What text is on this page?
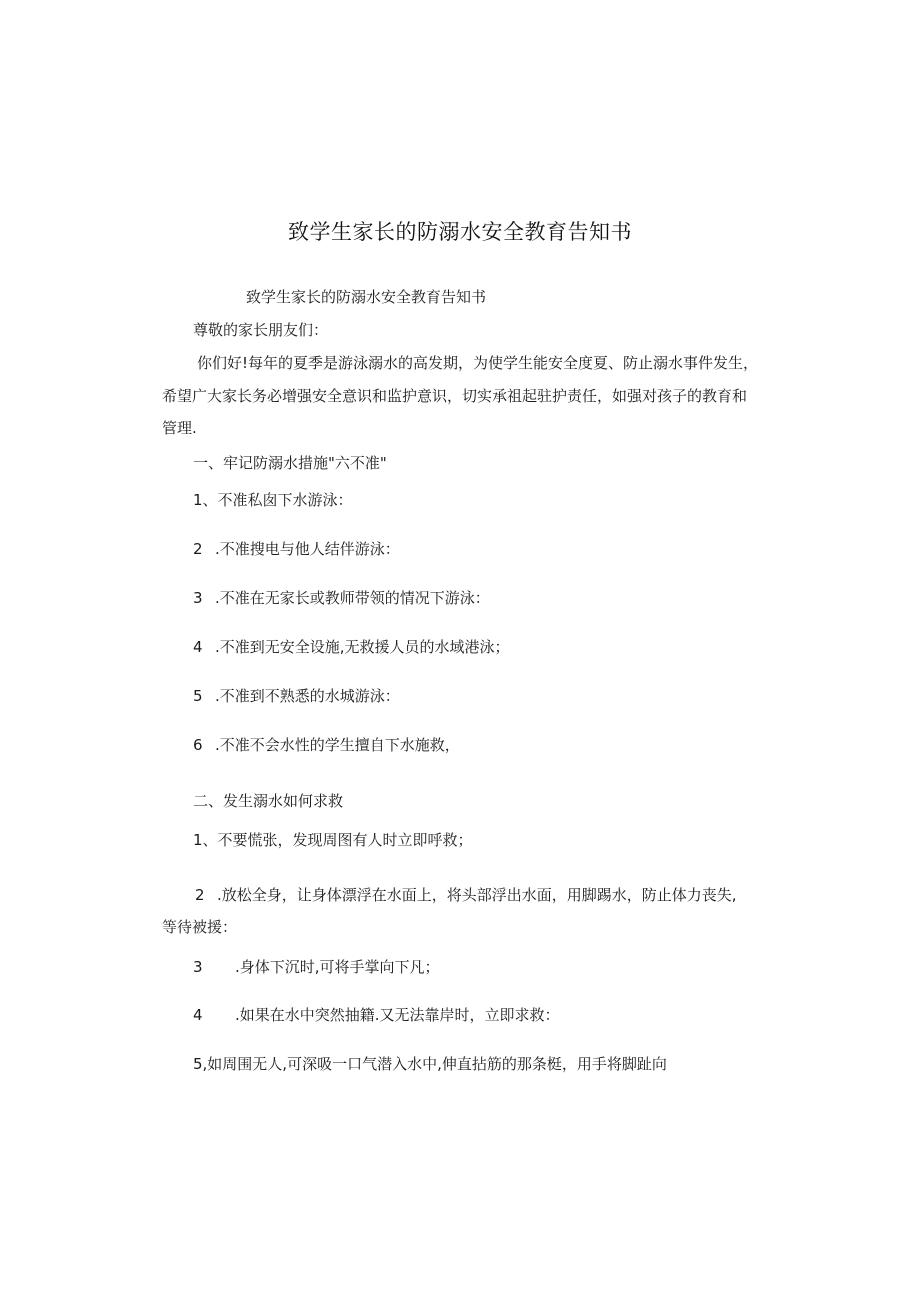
致学生家长的防溺水安全教育告知书
致学生家长的防溺水安全教育告知书
尊敬的家长朋友们：
你们好!每年的夏季是游泳溺水的高发期，为使学生能安全度夏、防止溺水事件发生，
希望广大家长务必增强安全意识和监护意识，切实承祖起驻护责任，如强对孩子的教育和
管理.
一、牢记防溺水措施"六不准"
1、不准私囱下水游泳：
2 .不准搜电与他人结伴游泳：
3 .不准在无家长或教师带领的情况下游泳：
4 .不准到无安全设施,无救援人员的水域港泳；
5 .不准到不熟悉的水城游泳：
6 .不准不会水性的学生擅自下水施救，
二、发生溺水如何求救
1、不要慌张，发现周图有人时立即呼救；
2 .放松全身，让身体漂浮在水面上，将头部浮出水面，用脚踢水，防止体力丧失,
等待被援：
3 .身体下沉时,可将手掌向下凡；
4 .如果在水中突然抽籍.又无法靠岸时，立即求救：
5,如周围无人,可深吸一口气潜入水中,伸直拈筋的那条梃，用手将脚趾向
